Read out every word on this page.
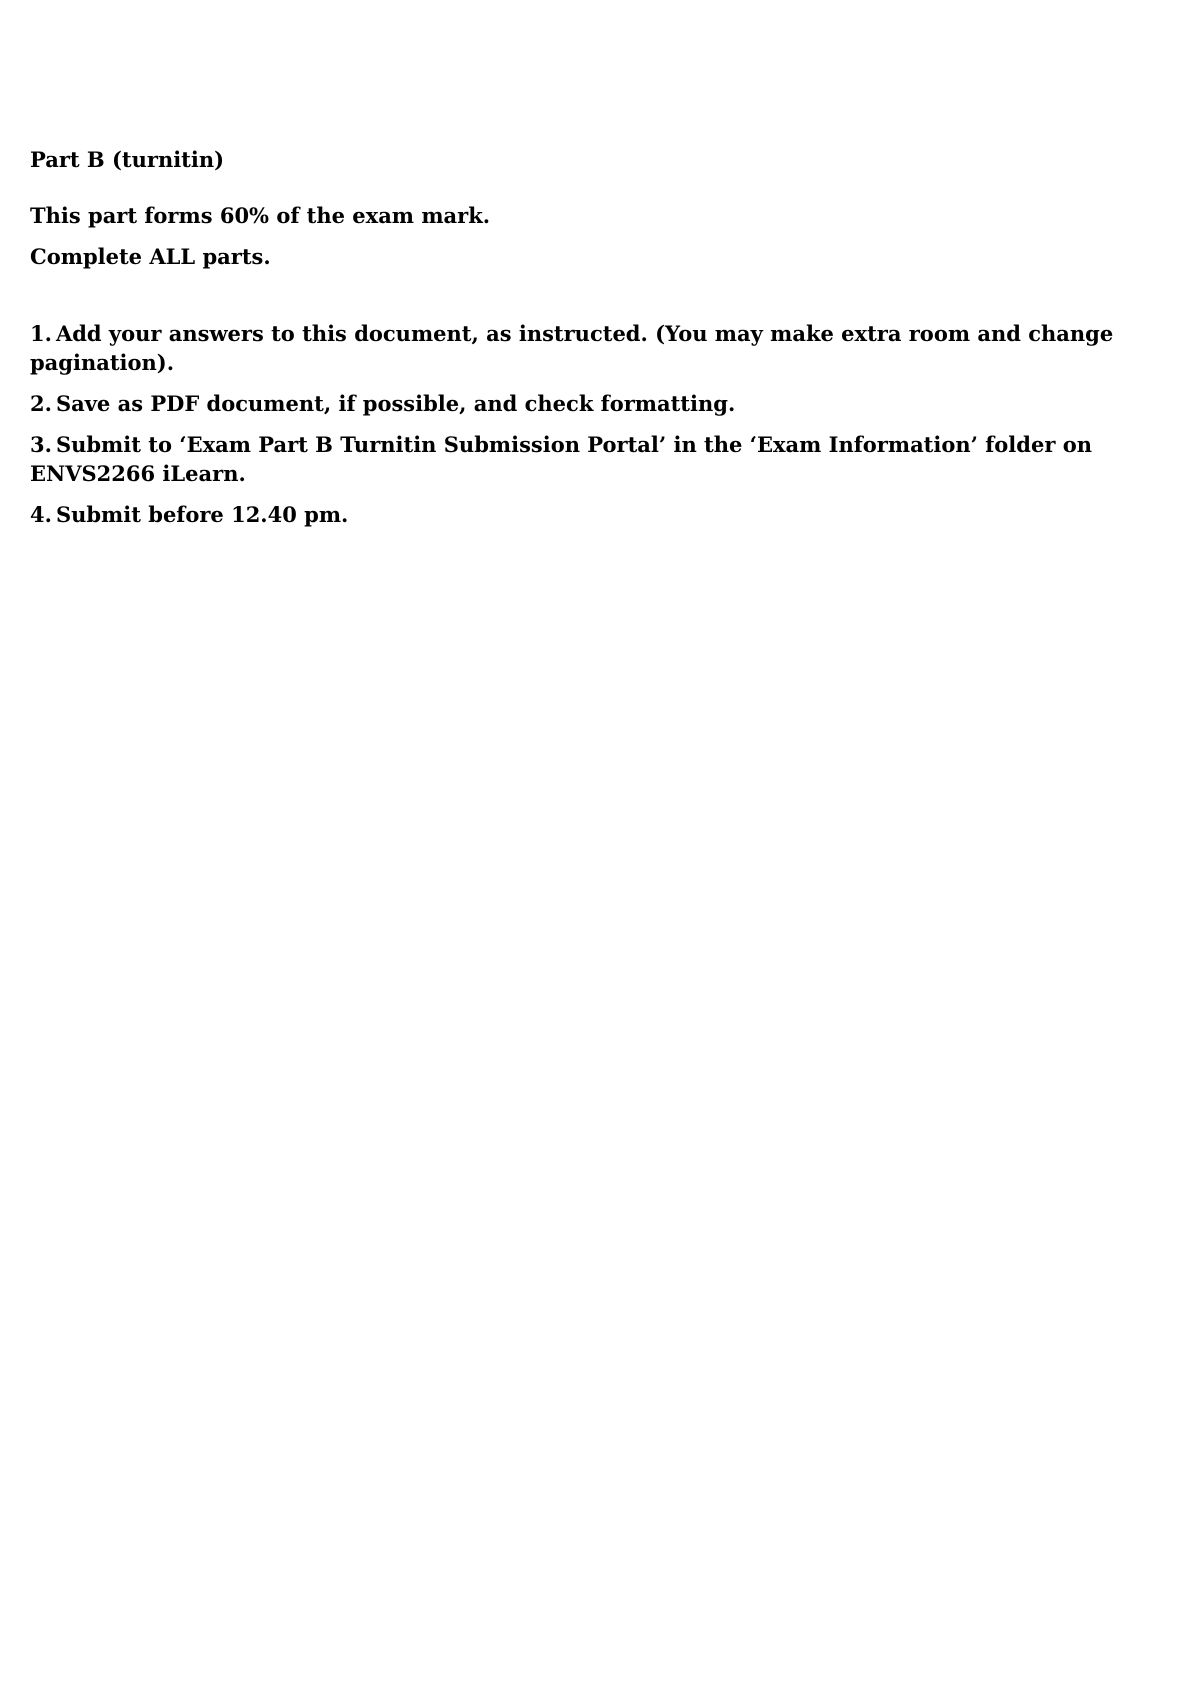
Part B (turnitin)
This part forms 60% of the exam mark.
Complete ALL parts.
1. Add your answers to this document, as instructed. (You may make extra room and change pagination).
2. Save as PDF document, if possible, and check formatting.
3. Submit to ‘Exam Part B Turnitin Submission Portal’ in the ‘Exam Information’ folder on ENVS2266 iLearn.
4. Submit before 12.40 pm.
